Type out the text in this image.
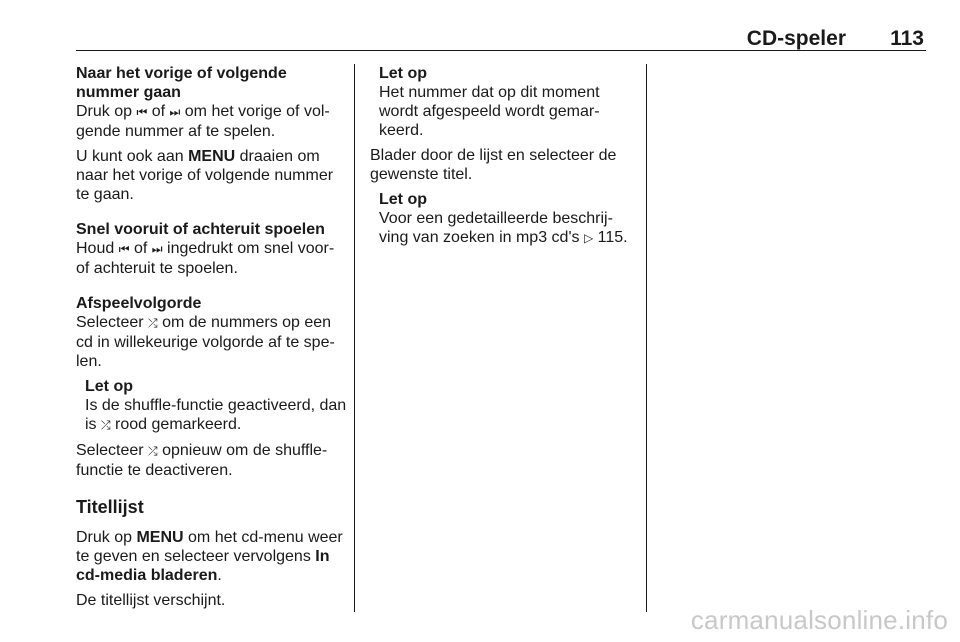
CD-speler 113
Naar het vorige of volgende nummer gaan
Druk op ⏮ of ⏭ om het vorige of vol-gende nummer af te spelen.
U kunt ook aan MENU draaien om naar het vorige of volgende nummer te gaan.
Snel vooruit of achteruit spoelen
Houd ⏮ of ⏭ ingedrukt om snel voor- of achteruit te spoelen.
Afspeelvolgorde
Selecteer ⤮ om de nummers op een cd in willekeurige volgorde af te spe-len.
Let op
Is de shuffle-functie geactiveerd, dan is ⤮ rood gemarkeerd.
Selecteer ⤮ opnieuw om de shuffle-functie te deactiveren.
Titellijst
Druk op MENU om het cd-menu weer te geven en selecteer vervolgens In cd-media bladeren.
De titellijst verschijnt.
Let op
Het nummer dat op dit moment wordt afgespeeld wordt gemar-keerd.
Blader door de lijst en selecteer de gewenste titel.
Let op
Voor een gedetailleerde beschrij-ving van zoeken in mp3 cd's ▷ 115.
carmanualsonline.info
